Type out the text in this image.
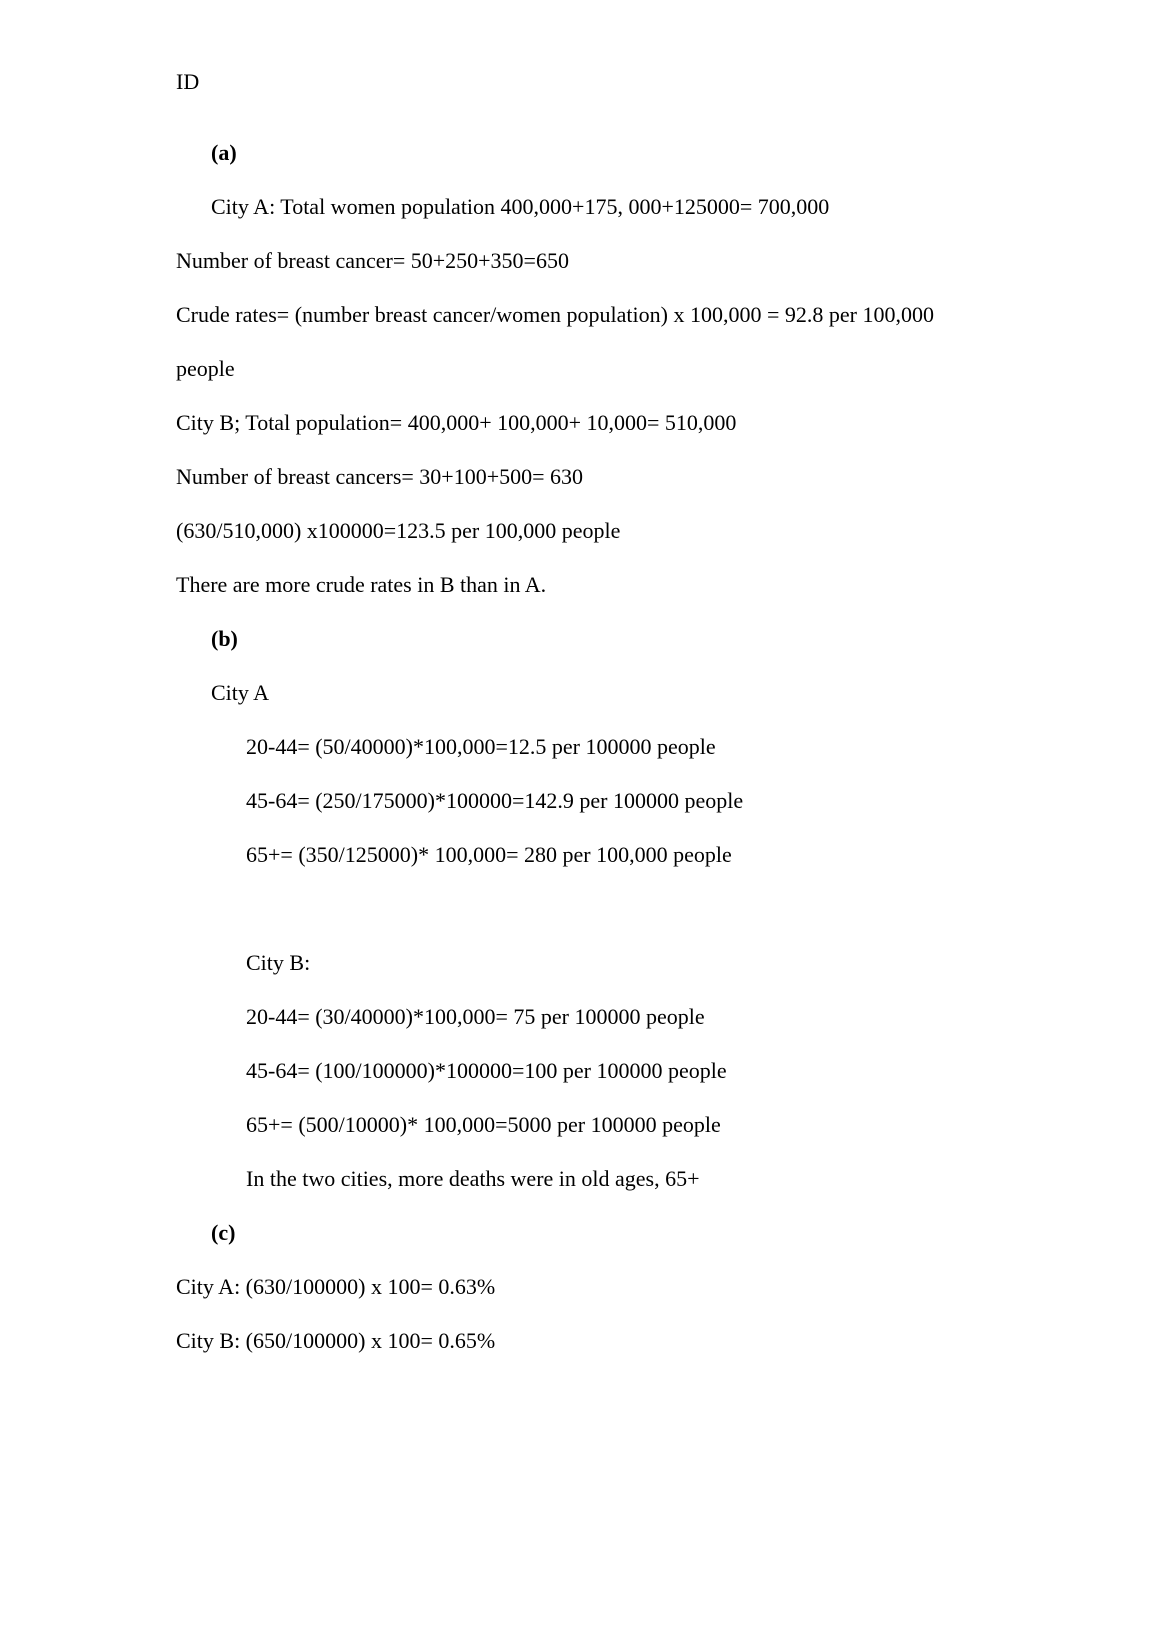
ID
(a)
City A: Total women population 400,000+175, 000+125000= 700,000
Number of breast cancer= 50+250+350=650
Crude rates= (number breast cancer/women population) x 100,000 = 92.8 per 100,000
people
City B; Total population= 400,000+ 100,000+ 10,000= 510,000
Number of breast cancers= 30+100+500= 630
(630/510,000) x100000=123.5 per 100,000 people
There are more crude rates in B than in A.
(b)
City A
20-44= (50/40000)*100,000=12.5 per 100000 people
45-64= (250/175000)*100000=142.9 per 100000 people
65+= (350/125000)* 100,000= 280 per 100,000 people
City B:
20-44= (30/40000)*100,000= 75 per 100000 people
45-64= (100/100000)*100000=100 per 100000 people
65+= (500/10000)* 100,000=5000 per 100000 people
In the two cities, more deaths were in old ages, 65+
(c)
City A: (630/100000) x 100= 0.63%
City B: (650/100000) x 100= 0.65%
